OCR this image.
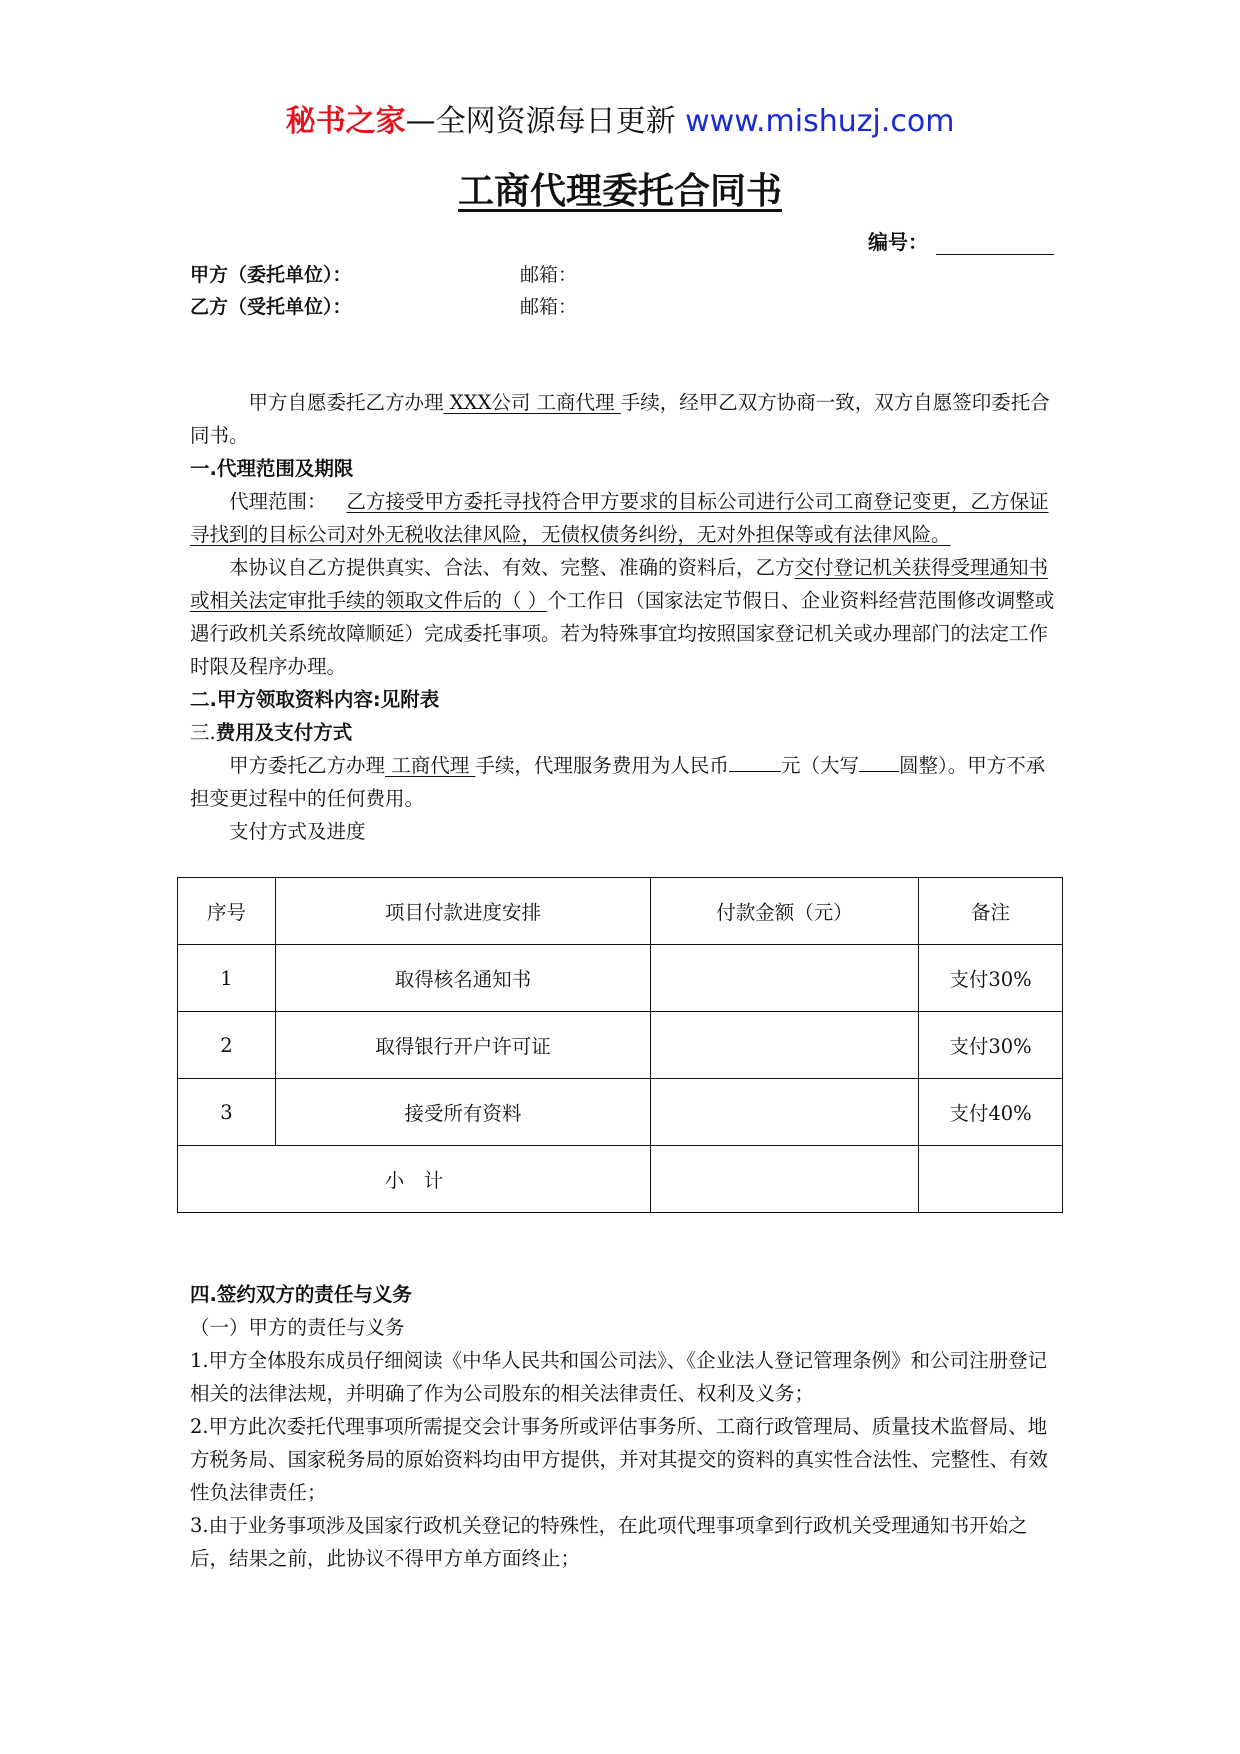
秘书之家—全网资源每日更新 www.mishuzj.com
工商代理委托合同书
编号：
甲方（委托单位）：	邮箱：
乙方（受托单位）：	邮箱：

甲方自愿委托乙方办理 XXX公司 工商代理 手续，经甲乙双方协商一致，双方自愿签印委托合同书。

一.代理范围及期限

代理范围： 乙方接受甲方委托寻找符合甲方要求的目标公司进行公司工商登记变更，乙方保证寻找到的目标公司对外无税收法律风险，无债权债务纠纷，无对外担保等或有法律风险。

本协议自乙方提供真实、合法、有效、完整、准确的资料后，乙方交付登记机关获得受理通知书或相关法定审批手续的领取文件后的（ ）个工作日（国家法定节假日、企业资料经营范围修改调整或遇行政机关系统故障顺延）完成委托事项。若为特殊事宜均按照国家登记机关或办理部门的法定工作时限及程序办理。

二.甲方领取资料内容:见附表

三.费用及支付方式

甲方委托乙方办理 工商代理 手续，代理服务费用为人民币	元（大写 圆整）。甲方不承担变更过程中的任何费用。

支付方式及进度

序号	项目付款进度安排	付款金额（元）	备注
1	取得核名通知书		支付30%
2	取得银行开户许可证		支付30%
3	接受所有资料		支付40%
小　计			

四.签约双方的责任与义务

（一）甲方的责任与义务

1.甲方全体股东成员仔细阅读《中华人民共和国公司法》、《企业法人登记管理条例》和公司注册登记相关的法律法规，并明确了作为公司股东的相关法律责任、权利及义务；

2.甲方此次委托代理事项所需提交会计事务所或评估事务所、工商行政管理局、质量技术监督局、地方税务局、国家税务局的原始资料均由甲方提供，并对其提交的资料的真实性合法性、完整性、有效性负法律责任；

3.由于业务事项涉及国家行政机关登记的特殊性，在此项代理事项拿到行政机关受理通知书开始之后，结果之前，此协议不得甲方单方面终止；
